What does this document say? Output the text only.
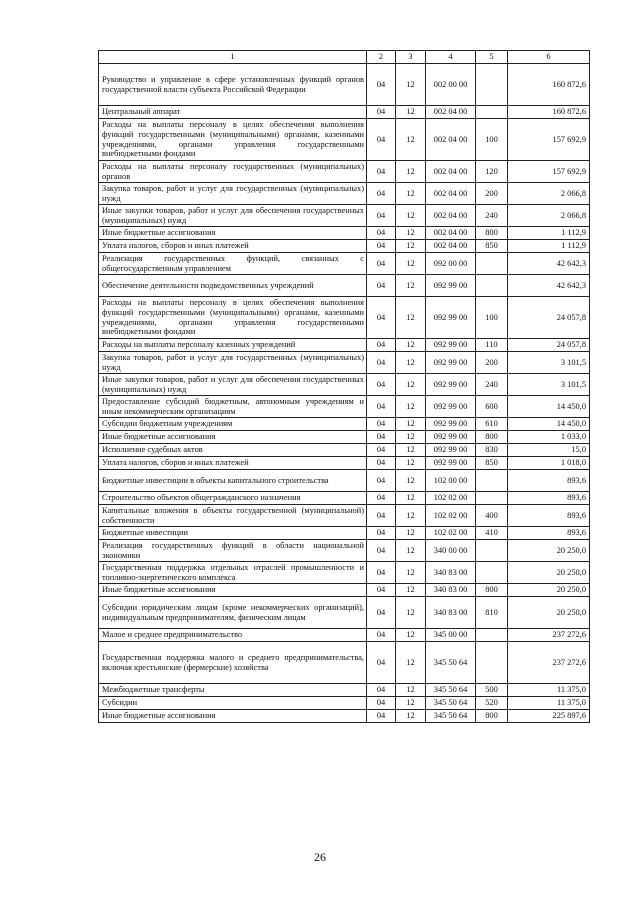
1	2	3	4	5	6
Руководство и управление в сфере установленных функций органов государственной власти субъекта Российской Федерации	04	12	002 00 00		160 872,6
Центральный аппарат	04	12	002 04 00		160 872,6
Расходы на выплаты персоналу в целях обеспечения выполнения функций государственными (муниципальными) органами, казенными учреждениями, органами управления государственными внебюджетными фондами	04	12	002 04 00	100	157 692,9
Расходы на выплаты персоналу государственных (муниципальных) органов	04	12	002 04 00	120	157 692,9
Закупка товаров, работ и услуг для государственных (муниципальных) нужд	04	12	002 04 00	200	2 066,8
Иные закупки товаров, работ и услуг для обеспечения государственных (муниципальных) нужд	04	12	002 04 00	240	2 066,8
Иные бюджетные ассигнования	04	12	002 04 00	800	1 112,9
Уплата налогов, сборов и иных платежей	04	12	002 04 00	850	1 112,9
Реализация государственных функций, связанных с общегосударственным управлением	04	12	092 00 00		42 642,3
Обеспечение деятельности подведомственных учреждений	04	12	092 99 00		42 642,3
Расходы на выплаты персоналу в целях обеспечения выполнения функций государственными (муниципальными) органами, казенными учреждениями, органами управления государственными внебюджетными фондами	04	12	092 99 00	100	24 057,8
Расходы на выплаты персоналу казенных учреждений	04	12	092 99 00	110	24 057,8
Закупка товаров, работ и услуг для государственных (муниципальных) нужд	04	12	092 99 00	200	3 101,5
Иные закупки товаров, работ и услуг для обеспечения государственных (муниципальных) нужд	04	12	092 99 00	240	3 101,5
Предоставление субсидий бюджетным, автономным учреждениям и иным некоммерческим организациям	04	12	092 99 00	600	14 450,0
Субсидии бюджетным учреждениям	04	12	092 99 00	610	14 450,0
Иные бюджетные ассигнования	04	12	092 99 00	800	1 033,0
Исполнение судебных актов	04	12	092 99 00	830	15,0
Уплата налогов, сборов и иных платежей	04	12	092 99 00	850	1 018,0
Бюджетные инвестиции в объекты капитального строительства	04	12	102 00 00		893,6
Строительство объектов общегражданского назначения	04	12	102 02 00		893,6
Капитальные вложения в объекты государственной (муниципальной) собственности	04	12	102 02 00	400	893,6
Бюджетные инвестиции	04	12	102 02 00	410	893,6
Реализация государственных функций в области национальной экономики	04	12	340 00 00		20 250,0
Государственная поддержка отдельных отраслей промышленности и топливно-энергетического комплекса	04	12	340 83 00		20 250,0
Иные бюджетные ассигнования	04	12	340 83 00	800	20 250,0
Субсидии юридическим лицам (кроме некоммерческих организаций), индивидуальным предпринимателям, физическим лицам	04	12	340 83 00	810	20 250,0
Малое и среднее предпринимательство	04	12	345 00 00		237 272,6
Государственная поддержка малого и среднего предпринимательства, включая крестьянские (фермерские) хозяйства	04	12	345 50 64		237 272,6
Межбюджетные трансферты	04	12	345 50 64	500	11 375,0
Субсидии	04	12	345 50 64	520	11 375,0
Иные бюджетные ассигнования	04	12	345 50 64	800	225 897,6
26
